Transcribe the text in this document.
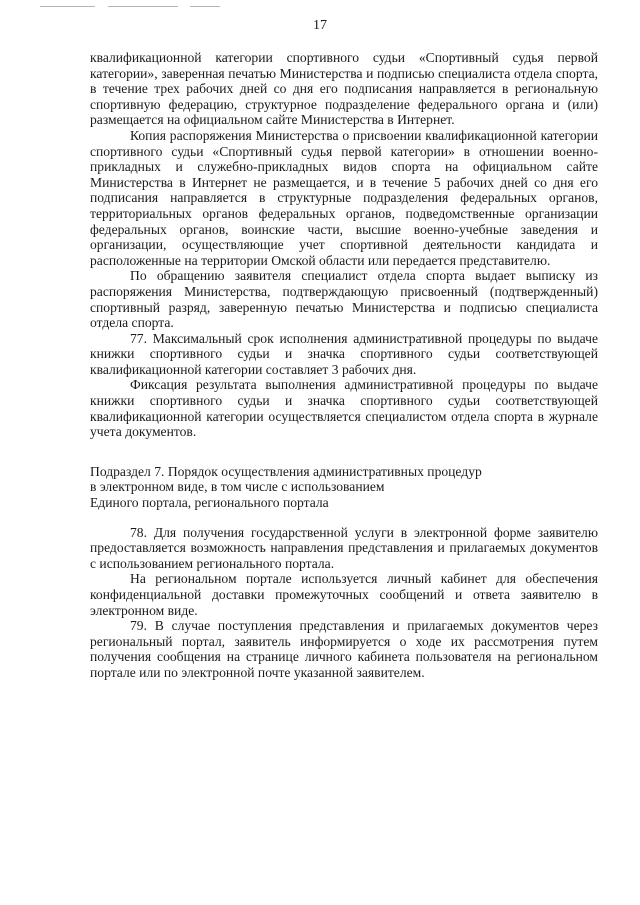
17

квалификационной категории спортивного судьи «Спортивный судья первой категории», заверенная печатью Министерства и подписью специалиста отдела спорта, в течение трех рабочих дней со дня его подписания направляется в региональную спортивную федерацию, структурное подразделение федерального органа и (или) размещается на официальном сайте Министерства в Интернет.

Копия распоряжения Министерства о присвоении квалификационной категории спортивного судьи «Спортивный судья первой категории» в отношении военно-прикладных и служебно-прикладных видов спорта на официальном сайте Министерства в Интернет не размещается, и в течение 5 рабочих дней со дня его подписания направляется в структурные подразделения федеральных органов, территориальных органов федеральных органов, подведомственные организации федеральных органов, воинские части, высшие военно-учебные заведения и организации, осуществляющие учет спортивной деятельности кандидата и расположенные на территории Омской области или передается представителю.

По обращению заявителя специалист отдела спорта выдает выписку из распоряжения Министерства, подтверждающую присвоенный (подтвержденный) спортивный разряд, заверенную печатью Министерства и подписью специалиста отдела спорта.

77. Максимальный срок исполнения административной процедуры по выдаче книжки спортивного судьи и значка спортивного судьи соответствующей квалификационной категории составляет 3 рабочих дня.

Фиксация результата выполнения административной процедуры по выдаче книжки спортивного судьи и значка спортивного судьи соответствующей квалификационной категории осуществляется специалистом отдела спорта в журнале учета документов.

Подраздел 7. Порядок осуществления административных процедур

в электронном виде, в том числе с использованием

Единого портала, регионального портала

78. Для получения государственной услуги в электронной форме заявителю предоставляется возможность направления представления и прилагаемых документов с использованием регионального портала.

На региональном портале используется личный кабинет для обеспечения конфиденциальной доставки промежуточных сообщений и ответа заявителю в электронном виде.

79. В случае поступления представления и прилагаемых документов через региональный портал, заявитель информируется о ходе их рассмотрения путем получения сообщения на странице личного кабинета пользователя на региональном портале или по электронной почте указанной заявителем.
